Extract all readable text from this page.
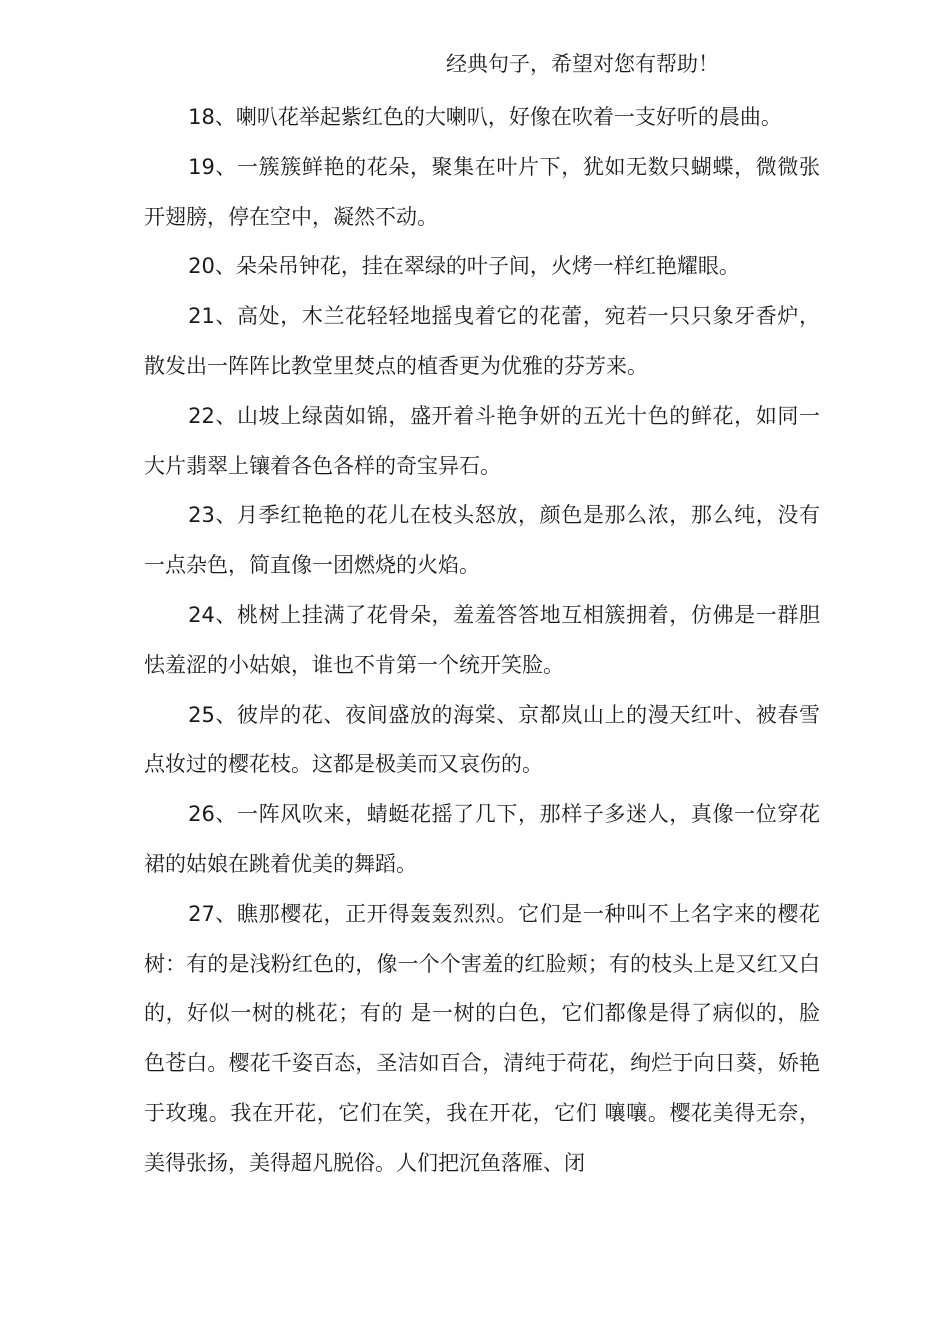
经典句子，希望对您有帮助！

18、喇叭花举起紫红色的大喇叭，好像在吹着一支好听的晨曲。

19、一簇簇鲜艳的花朵，聚集在叶片下，犹如无数只蝴蝶，微微张开翅膀，停在空中，凝然不动。

20、朵朵吊钟花，挂在翠绿的叶子间，火烤一样红艳耀眼。

21、高处，木兰花轻轻地摇曳着它的花蕾，宛若一只只象牙香炉，散发出一阵阵比教堂里焚点的植香更为优雅的芬芳来。

22、山坡上绿茵如锦，盛开着斗艳争妍的五光十色的鲜花，如同一大片翡翠上镶着各色各样的奇宝异石。

23、月季红艳艳的花儿在枝头怒放，颜色是那么浓，那么纯，没有一点杂色，简直像一团燃烧的火焰。

24、桃树上挂满了花骨朵，羞羞答答地互相簇拥着，仿佛是一群胆怯羞涩的小姑娘，谁也不肯第一个统开笑脸。

25、彼岸的花、夜间盛放的海棠、京都岚山上的漫天红叶、被春雪点妆过的樱花枝。这都是极美而又哀伤的。

26、一阵风吹来，蜻蜓花摇了几下，那样子多迷人，真像一位穿花裙的姑娘在跳着优美的舞蹈。

27、瞧那樱花，正开得轰轰烈烈。它们是一种叫不上名字来的樱花树：有的是浅粉红色的，像一个个害羞的红脸颊；有的枝头上是又红又白的，好似一树的桃花；有的 是一树的白色，它们都像是得了病似的，脸色苍白。樱花千姿百态，圣洁如百合，清纯于荷花，绚烂于向日葵，娇艳于玫瑰。我在开花，它们在笑，我在开花，它们 嚷嚷。樱花美得无奈，美得张扬，美得超凡脱俗。人们把沉鱼落雁、闭
